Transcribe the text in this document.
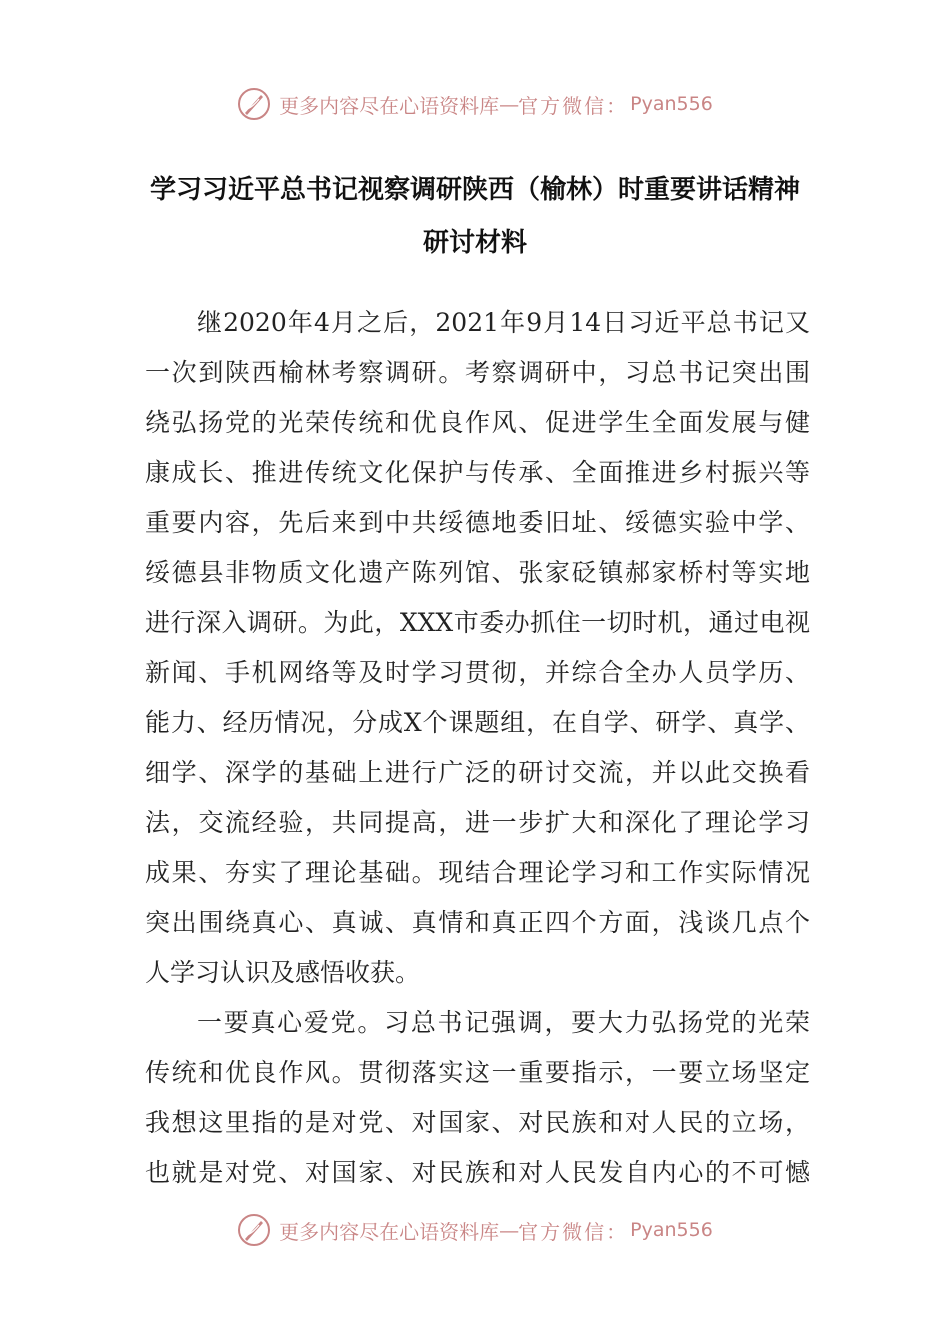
更多内容尽在心语资料库 — 官方微信： Pyan556
学习习近平总书记视察调研陕西（榆林）时重要讲话精神
研讨材料
继2020年4月之后，2021年9月14日习近平总书记又
一次到陕西榆林考察调研。考察调研中，习总书记突出围
绕弘扬党的光荣传统和优良作风、促进学生全面发展与健
康成长、推进传统文化保护与传承、全面推进乡村振兴等
重要内容，先后来到中共绥德地委旧址、绥德实验中学、
绥德县非物质文化遗产陈列馆、张家砭镇郝家桥村等实地
进行深入调研。为此，XXX市委办抓住一切时机，通过电视
新闻、手机网络等及时学习贯彻，并综合全办人员学历、
能力、经历情况，分成X个课题组，在自学、研学、真学、
细学、深学的基础上进行广泛的研讨交流，并以此交换看
法，交流经验，共同提高，进一步扩大和深化了理论学习
成果、夯实了理论基础。现结合理论学习和工作实际情况
突出围绕真心、真诚、真情和真正四个方面，浅谈几点个
人学习认识及感悟收获。
一要真心爱党。习总书记强调，要大力弘扬党的光荣
传统和优良作风。贯彻落实这一重要指示，一要立场坚定
我想这里指的是对党、对国家、对民族和对人民的立场，
也就是对党、对国家、对民族和对人民发自内心的不可憾
更多内容尽在心语资料库 — 官方微信： Pyan556
